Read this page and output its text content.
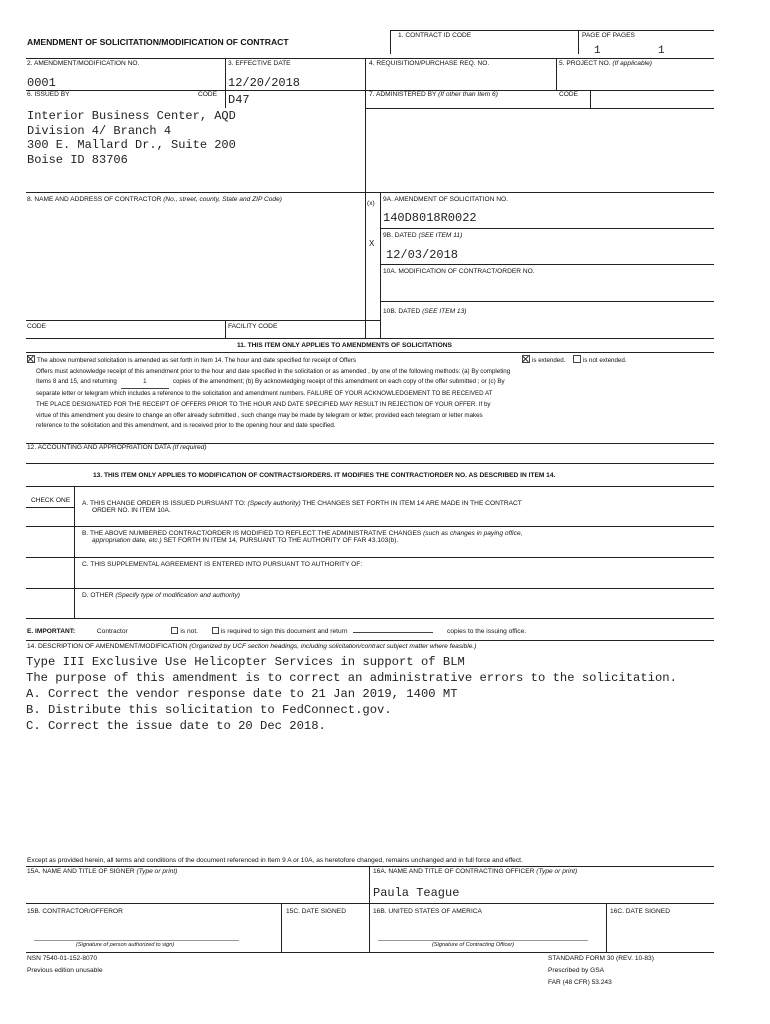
AMENDMENT OF SOLICITATION/MODIFICATION OF CONTRACT
1. CONTRACT ID CODE	PAGE OF PAGES
1	1
2. AMENDMENT/MODIFICATION NO.
0001
3. EFFECTIVE DATE
12/20/2018
4. REQUISITION/PURCHASE REQ. NO.	5. PROJECT NO. (If applicable)
6. ISSUED BY	CODE D47	7. ADMINISTERED BY (If other than Item 6)	CODE
Interior Business Center, AQD
Division 4/ Branch 4
300 E. Mallard Dr., Suite 200
Boise ID 83706
8. NAME AND ADDRESS OF CONTRACTOR (No., street, county, State and ZIP Code)
(x)
9A. AMENDMENT OF SOLICITATION NO.
140D8018R0022
X
9B. DATED (SEE ITEM 11)
12/03/2018
10A. MODIFICATION OF CONTRACT/ORDER NO.
10B. DATED (SEE ITEM 13)
CODE	FACILITY CODE
11. THIS ITEM ONLY APPLIES TO AMENDMENTS OF SOLICITATIONS
The above numbered solicitation is amended as set forth in Item 14. The hour and date specified for receipt of Offers
Offers must acknowledge receipt of this amendment prior to the hour and date specified in the solicitation or as amended , by one of the following methods: (a) By completing
Items 8 and 15, and returning	1	copies of the amendment; (b) By acknowledging receipt of this amendment on each copy of the offer submitted ; or (c) By
separate letter or telegram which includes a reference to the solicitation and amendment numbers. FAILURE OF YOUR ACKNOWLEDGEMENT TO BE RECEIVED AT
THE PLACE DESIGNATED FOR THE RECEIPT OF OFFERS PRIOR TO THE HOUR AND DATE SPECIFIED MAY RESULT IN REJECTION OF YOUR OFFER. If by
virtue of this amendment you desire to change an offer already submitted , such change may be made by telegram or letter, provided each telegram or letter makes
reference to the solicitation and this amendment, and is received prior to the opening hour and date specified.
is extended.	is not extended.
12. ACCOUNTING AND APPROPRIATION DATA (If required)
13. THIS ITEM ONLY APPLIES TO MODIFICATION OF CONTRACTS/ORDERS. IT MODIFIES THE CONTRACT/ORDER NO. AS DESCRIBED IN ITEM 14.
CHECK ONE A. THIS CHANGE ORDER IS ISSUED PURSUANT TO: (Specify authority) THE CHANGES SET FORTH IN ITEM 14 ARE MADE IN THE CONTRACT
ORDER NO. IN ITEM 10A.
B. THE ABOVE NUMBERED CONTRACT/ORDER IS MODIFIED TO REFLECT THE ADMINISTRATIVE CHANGES (such as changes in paying office,
appropriation date, etc.) SET FORTH IN ITEM 14, PURSUANT TO THE AUTHORITY OF FAR 43.103(b).
C. THIS SUPPLEMENTAL AGREEMENT IS ENTERED INTO PURSUANT TO AUTHORITY OF:
D. OTHER (Specify type of modification and authority)
E. IMPORTANT:	Contractor	is not.	is required to sign this document and return	copies to the issuing office.
14. DESCRIPTION OF AMENDMENT/MODIFICATION (Organized by UCF section headings, including solicitation/contract subject matter where feasible.)
Type III Exclusive Use Helicopter Services in support of BLM
The purpose of this amendment is to correct an administrative errors to the solicitation.
A. Correct the vendor response date to 21 Jan 2019, 1400 MT
B. Distribute this solicitation to FedConnect.gov.
C. Correct the issue date to 20 Dec 2018.
Except as provided herein, all terms and conditions of the document referenced in Item 9 A or 10A, as heretofore changed, remains unchanged and in full force and effect.
15A. NAME AND TITLE OF SIGNER (Type or print)	16A. NAME AND TITLE OF CONTRACTING OFFICER (Type or print)
Paula Teague
15B. CONTRACTOR/OFFEROR	15C. DATE SIGNED	16B. UNITED STATES OF AMERICA	16C. DATE SIGNED
(Signature of person authorized to sign)	(Signature of Contracting Officer)
NSN 7540-01-152-8070
Previous edition unusable
STANDARD FORM 30 (REV. 10-83)
Prescribed by GSA
FAR (48 CFR) 53.243
